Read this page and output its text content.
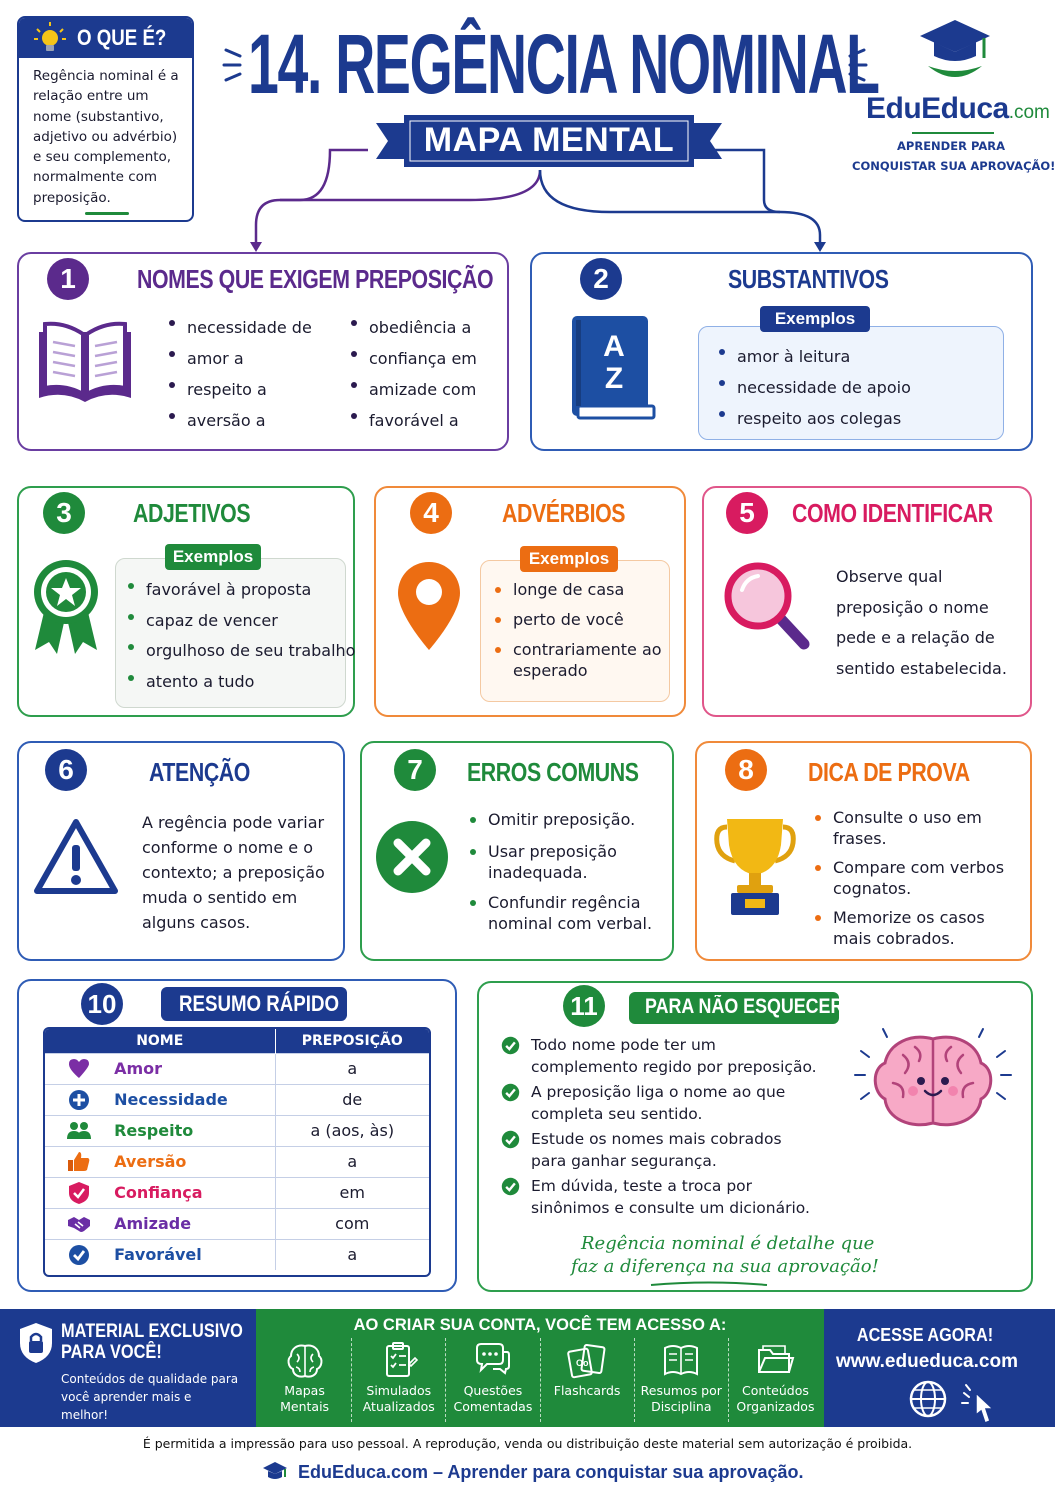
O QUE É?

Regência nominal é a relação entre um nome (substantivo, adjetivo ou advérbio) e seu complemento, normalmente com preposição.

14. REGÊNCIA NOMINAL
MAPA MENTAL
EduEduca.com
APRENDER PARA
CONQUISTAR SUA APROVAÇÃO!
1	NOMES QUE EXIGEM PREPOSIÇÃO
necessidade de
amor a
respeito a
aversão a
obediência a
confiança em
amizade com
favorável a
2	SUBSTANTIVOS
A
Z
amor à leitura
necessidade de apoio
respeito aos colegas
Exemplos
3	ADJETIVOS
favorável à proposta
capaz de vencer
orgulhoso de seu trabalho
atento a tudo
Exemplos
4	ADVÉRBIOS
longe de casa
perto de você
contrariamente ao esperado
Exemplos
5	COMO IDENTIFICAR

Observe qual preposição o nome pede e a relação de sentido estabelecida.

6	ATENÇÃO

A regência pode variar conforme o nome e o contexto; a preposição muda o sentido em alguns casos.

7	ERROS COMUNS
Omitir preposição.
Usar preposição inadequada.
Confundir regência nominal com verbal.
8	DICA DE PROVA
Consulte o uso em frases.
Compare com verbos cognatos.
Memorize os casos mais cobrados.
10	RESUMO RÁPIDO
NOME	PREPOSIÇÃO
Amor	a
Necessidade	de
Respeito	a (aos, às)
Aversão	a
Confiança	em
Amizade	com
Favorável	a
11	PARA NÃO ESQUECER!
Todo nome pode ter um complemento regido por preposição.
A preposição liga o nome ao que completa seu sentido.
Estude os nomes mais cobrados para ganhar segurança.
Em dúvida, teste a troca por sinônimos e consulte um dicionário.
Regência nominal é detalhe que
faz a diferença na sua aprovação!
MATERIAL EXCLUSIVO
PARA VOCÊ!
Conteúdos de qualidade para você aprender mais e melhor!
AO CRIAR SUA CONTA, VOCÊ TEM ACESSO A:
Mapas
Mentais
Simulados
Atualizados
Questões
Comentadas
Oo
Flashcards	Resumos por
Disciplina
Conteúdos
Organizados
ACESSE AGORA!
www.edueduca.com
É permitida a impressão para uso pessoal. A reprodução, venda ou distribuição deste material sem autorização é proibida.
EduEduca.com – Aprender para conquistar sua aprovação.
